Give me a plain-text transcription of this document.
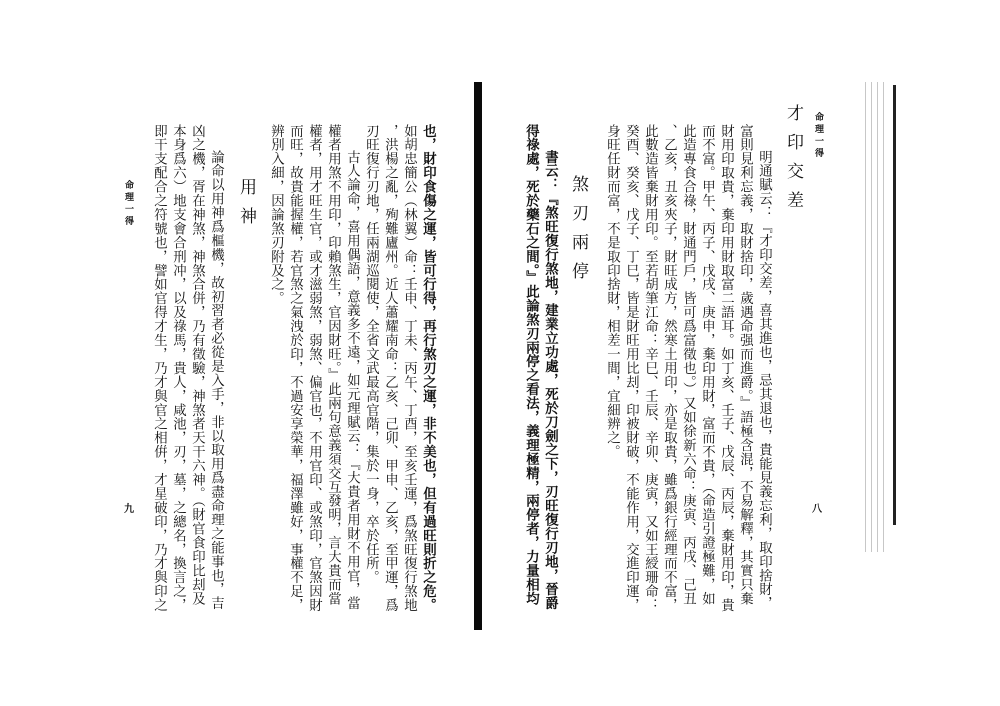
命理一得
八
才印交差
明通賦云：『才印交差，喜其進也，忌其退也，貴能見義忘利，取印捨財，
富則見利忘義，取財捨印，歲遇命强而進爵。』語極含混，不易解釋，其實只棄
財用印取貴，棄印用財取富二語耳。如丁亥、壬子、戊辰、丙辰，棄財用印，貴
而不富。甲午、丙子、戊戌、庚申，棄印用財，富而不貴，（命造引證極難，如
此造專食合祿，財通門戶，皆可爲富徵也。）又如徐新六命：庚寅、丙戌、己丑
、乙亥，丑亥夾子，財旺成方，然寒土用印，亦是取貴，雖爲銀行經理而不富，
此數造皆棄財用印。至若胡筆江命：辛巳、壬辰、辛卯、庚寅，又如王綬珊命：
癸酉、癸亥、戊子、丁巳，皆是財旺用比刦，印被財破，不能作用，交進印運，
身旺任財而富，不是取印捨財，相差一間，宜細辨之。
煞刃兩停
書云：『煞旺復行煞地，建業立功處，死於刀劍之下，刃旺復行刃地，晉爵
得祿處，死於藥石之間。』此論煞刃兩停之看法，義理極精，兩停者，力量相均
也，財印食傷之運，皆可行得，再行煞刃之運，非不美也，但有過旺則折之危。
如胡忠簡公（林翼）命：壬申、丁未、丙午、丁酉，至亥壬運，爲煞旺復行煞地
，洪楊之亂，殉難廬州。近人蕭耀南命：乙亥、己卯、甲申、乙亥，至甲運，爲
刃旺復行刃地，任兩湖巡閱使，全省文武最高官階，集於一身，卒於任所。
古人論命，喜用偶語，意義多不遠，如元理賦云：『大貴者用財不用官，當
權者用煞不用印，印賴煞生，官因財旺。』此兩句意義須交互發明，言大貴而當
權者，用才旺生官，或才滋弱煞，弱煞、偏官也，不用官印、或煞印，官煞因財
而旺，故貴能握權，若官煞之氣洩於印，不過安享榮華，福澤雖好，事權不足，
辨別入細，因論煞刃附及之。
用神
論命以用神爲樞機，故初習者必從是入手，非以取用爲盡命理之能事也，吉
凶之機，胥在神煞，神煞合併，乃有徵驗，神煞者天干六神。（財官食印比刦及
本身爲六）地支會合刑冲，以及祿馬，貴人，咸池，刃，墓，之總名，換言之，
即干支配合之符號也，譬如官得才生，乃才與官之相倂，才星破印，乃才與印之
命理一得
九
